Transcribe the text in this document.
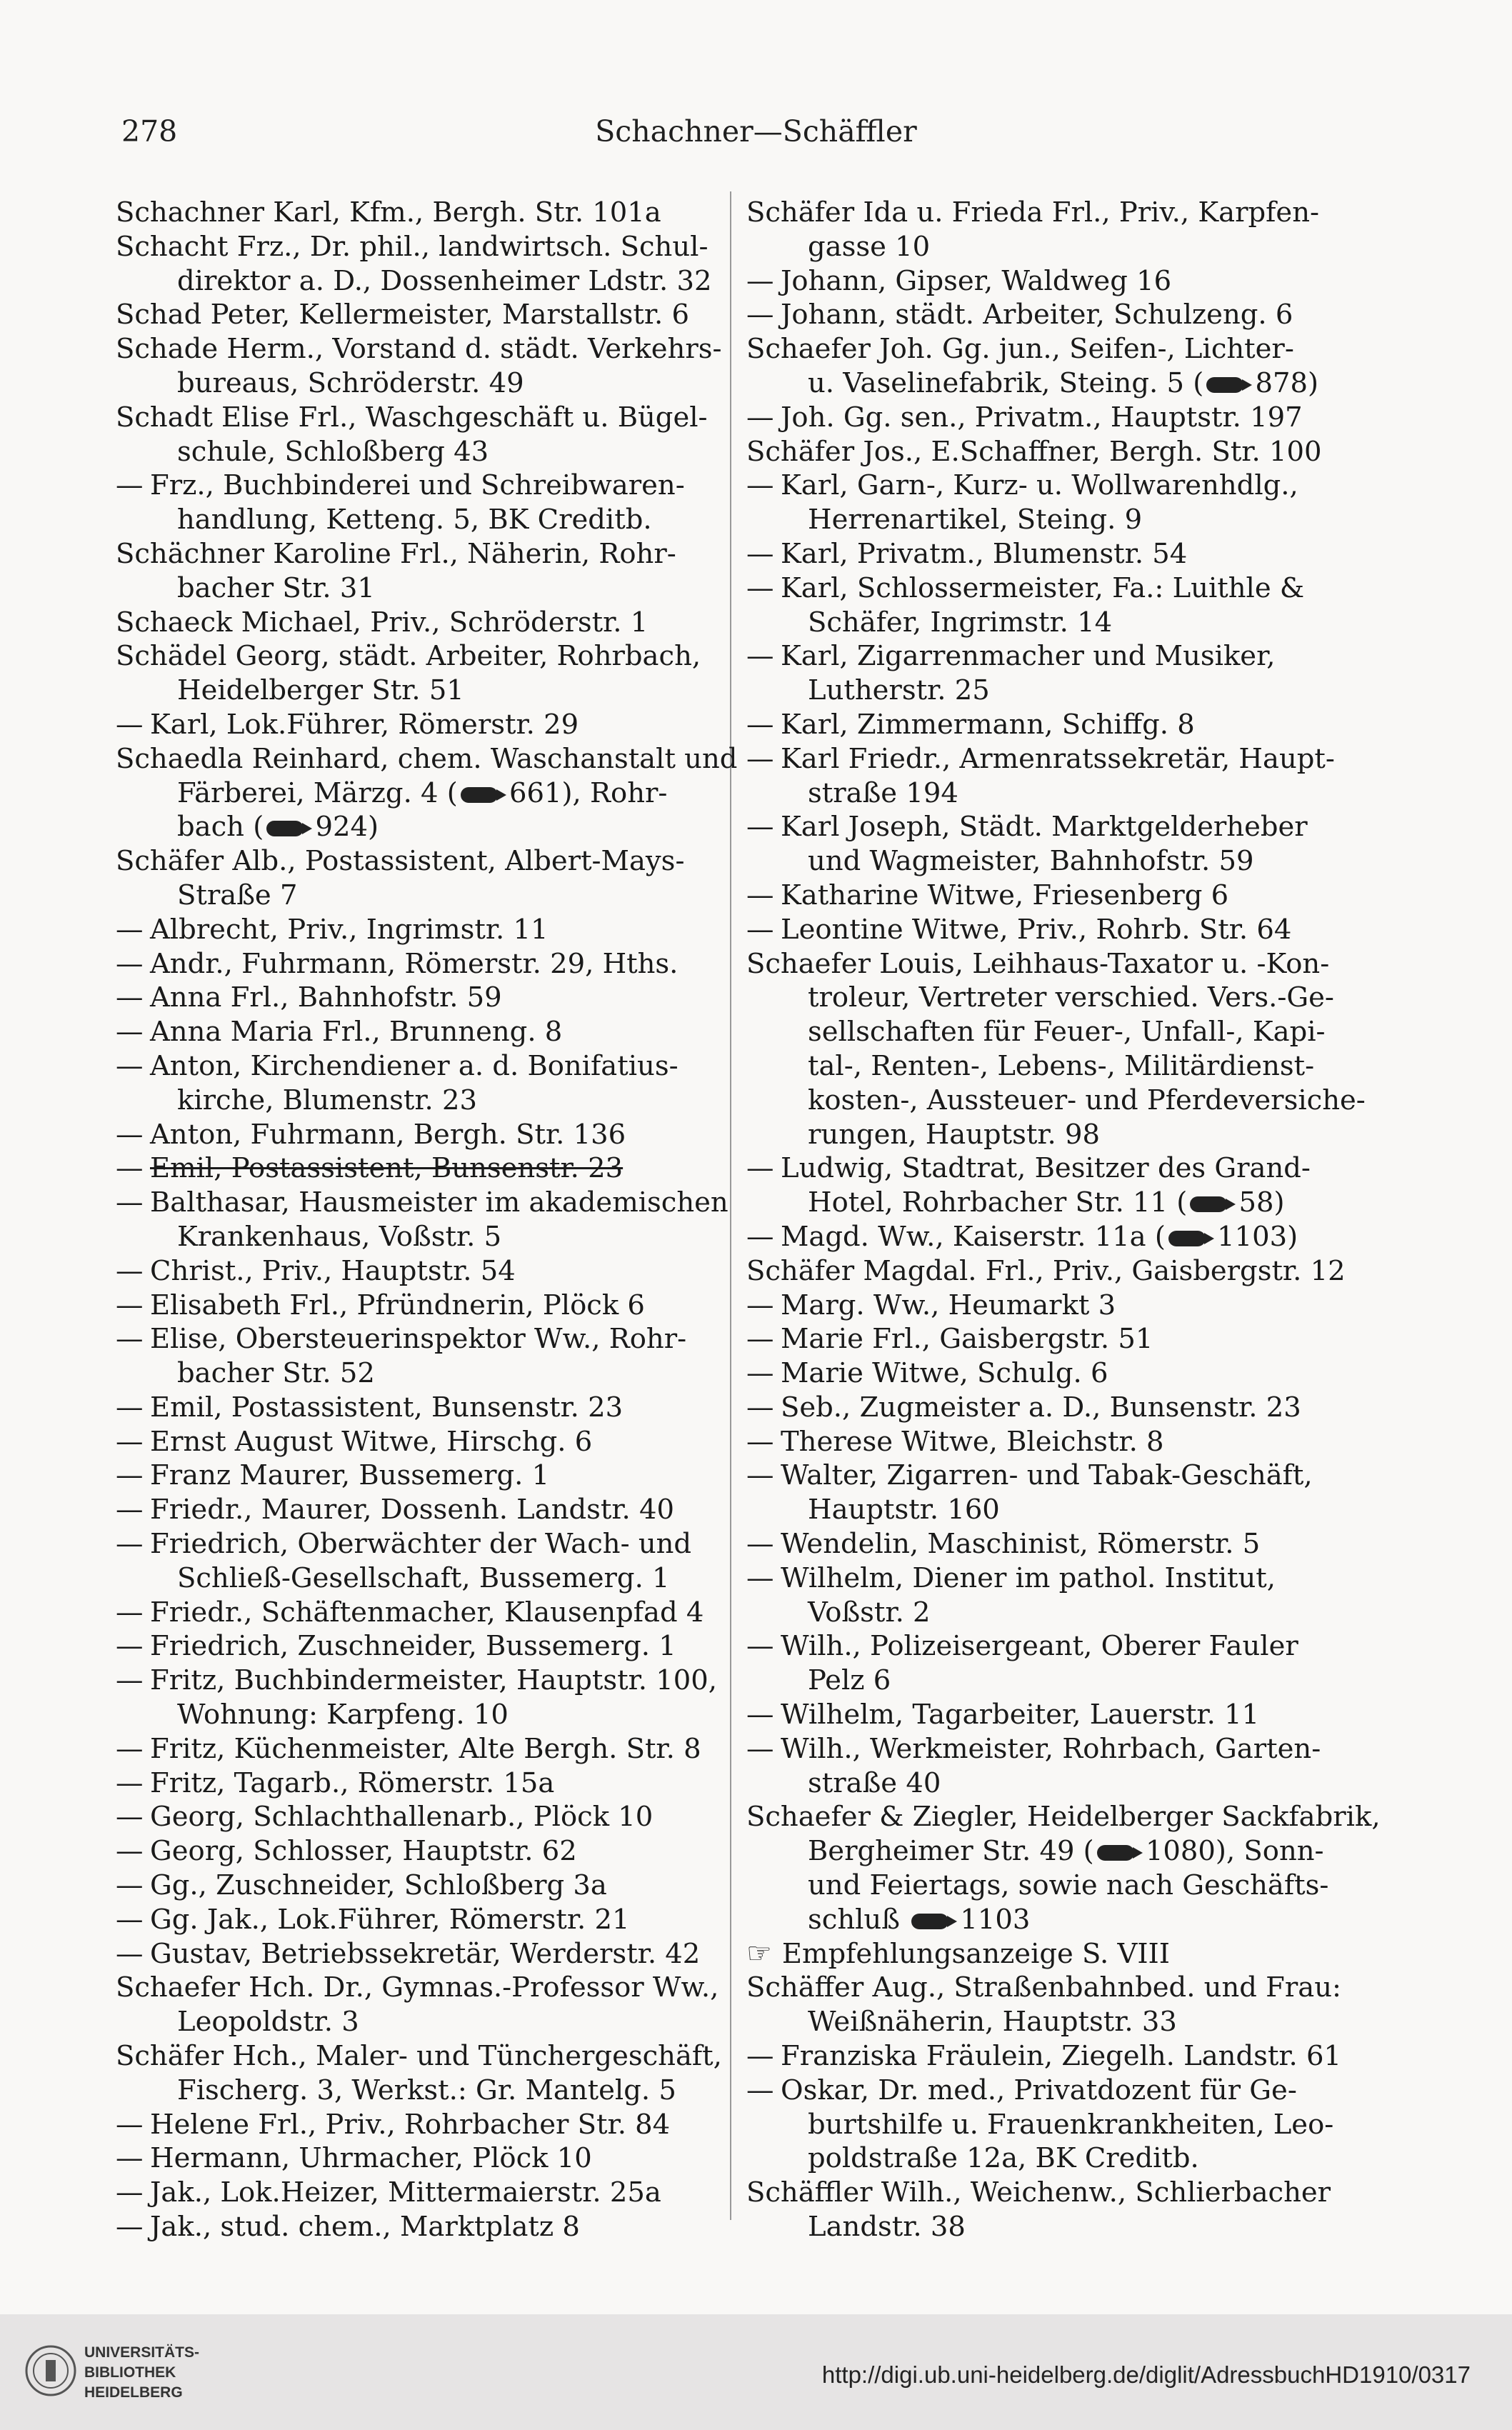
278	Schachner—Schäffler
Schachner Karl, Kfm., Bergh. Str. 101a
Schacht Frz., Dr. phil., landwirtsch. Schul-
direktor a. D., Dossenheimer Ldstr. 32
Schad Peter, Kellermeister, Marstallstr. 6
Schade Herm., Vorstand d. städt. Verkehrs-
bureaus, Schröderstr. 49
Schadt Elise Frl., Waschgeschäft u. Bügel-
schule, Schloßberg 43
— Frz., Buchbinderei und Schreibwaren-
handlung, Ketteng. 5, BK Creditb.
Schächner Karoline Frl., Näherin, Rohr-
bacher Str. 31
Schaeck Michael, Priv., Schröderstr. 1
Schädel Georg, städt. Arbeiter, Rohrbach,
Heidelberger Str. 51
— Karl, Lok.Führer, Römerstr. 29
Schaedla Reinhard, chem. Waschanstalt und
Färberei, Märzg. 4 ( 661), Rohr-
bach ( 924)
Schäfer Alb., Postassistent, Albert-Mays-
Straße 7
— Albrecht, Priv., Ingrimstr. 11
— Andr., Fuhrmann, Römerstr. 29, Hths.
— Anna Frl., Bahnhofstr. 59
— Anna Maria Frl., Brunneng. 8
— Anton, Kirchendiener a. d. Bonifatius-
kirche, Blumenstr. 23
— Anton, Fuhrmann, Bergh. Str. 136
— Emil, Postassistent, Bunsenstr. 23
— Balthasar, Hausmeister im akademischen
Krankenhaus, Voßstr. 5
— Christ., Priv., Hauptstr. 54
— Elisabeth Frl., Pfründnerin, Plöck 6
— Elise, Obersteuerinspektor Ww., Rohr-
bacher Str. 52
— Emil, Postassistent, Bunsenstr. 23
— Ernst August Witwe, Hirschg. 6
— Franz Maurer, Bussemerg. 1
— Friedr., Maurer, Dossenh. Landstr. 40
— Friedrich, Oberwächter der Wach- und
Schließ-Gesellschaft, Bussemerg. 1
— Friedr., Schäftenmacher, Klausenpfad 4
— Friedrich, Zuschneider, Bussemerg. 1
— Fritz, Buchbindermeister, Hauptstr. 100,
Wohnung: Karpfeng. 10
— Fritz, Küchenmeister, Alte Bergh. Str. 8
— Fritz, Tagarb., Römerstr. 15a
— Georg, Schlachthallenarb., Plöck 10
— Georg, Schlosser, Hauptstr. 62
— Gg., Zuschneider, Schloßberg 3a
— Gg. Jak., Lok.Führer, Römerstr. 21
— Gustav, Betriebssekretär, Werderstr. 42
Schaefer Hch. Dr., Gymnas.-Professor Ww.,
Leopoldstr. 3
Schäfer Hch., Maler- und Tünchergeschäft,
Fischerg. 3, Werkst.: Gr. Mantelg. 5
— Helene Frl., Priv., Rohrbacher Str. 84
— Hermann, Uhrmacher, Plöck 10
— Jak., Lok.Heizer, Mittermaierstr. 25a
— Jak., stud. chem., Marktplatz 8
Schäfer Ida u. Frieda Frl., Priv., Karpfen-
gasse 10
— Johann, Gipser, Waldweg 16
— Johann, städt. Arbeiter, Schulzeng. 6
Schaefer Joh. Gg. jun., Seifen-, Lichter-
u. Vaselinefabrik, Steing. 5 ( 878)
— Joh. Gg. sen., Privatm., Hauptstr. 197
Schäfer Jos., E.Schaffner, Bergh. Str. 100
— Karl, Garn-, Kurz- u. Wollwarenhdlg.,
Herrenartikel, Steing. 9
— Karl, Privatm., Blumenstr. 54
— Karl, Schlossermeister, Fa.: Luithle &
Schäfer, Ingrimstr. 14
— Karl, Zigarrenmacher und Musiker,
Lutherstr. 25
— Karl, Zimmermann, Schiffg. 8
— Karl Friedr., Armenratssekretär, Haupt-
straße 194
— Karl Joseph, Städt. Marktgelderheber
und Wagmeister, Bahnhofstr. 59
— Katharine Witwe, Friesenberg 6
— Leontine Witwe, Priv., Rohrb. Str. 64
Schaefer Louis, Leihhaus-Taxator u. -Kon-
troleur, Vertreter verschied. Vers.-Ge-
sellschaften für Feuer-, Unfall-, Kapi-
tal-, Renten-, Lebens-, Militärdienst-
kosten-, Aussteuer- und Pferdeversiche-
rungen, Hauptstr. 98
— Ludwig, Stadtrat, Besitzer des Grand-
Hotel, Rohrbacher Str. 11 ( 58)
— Magd. Ww., Kaiserstr. 11a ( 1103)
Schäfer Magdal. Frl., Priv., Gaisbergstr. 12
— Marg. Ww., Heumarkt 3
— Marie Frl., Gaisbergstr. 51
— Marie Witwe, Schulg. 6
— Seb., Zugmeister a. D., Bunsenstr. 23
— Therese Witwe, Bleichstr. 8
— Walter, Zigarren- und Tabak-Geschäft,
Hauptstr. 160
— Wendelin, Maschinist, Römerstr. 5
— Wilhelm, Diener im pathol. Institut,
Voßstr. 2
— Wilh., Polizeisergeant, Oberer Fauler
Pelz 6
— Wilhelm, Tagarbeiter, Lauerstr. 11
— Wilh., Werkmeister, Rohrbach, Garten-
straße 40
Schaefer & Ziegler, Heidelberger Sackfabrik,
Bergheimer Str. 49 ( 1080), Sonn-
und Feiertags, sowie nach Geschäfts-
schluß  1103
☞ Empfehlungsanzeige S. VIII
Schäffer Aug., Straßenbahnbed. und Frau:
Weißnäherin, Hauptstr. 33
— Franziska Fräulein, Ziegelh. Landstr. 61
— Oskar, Dr. med., Privatdozent für Ge-
burtshilfe u. Frauenkrankheiten, Leo-
poldstraße 12a, BK Creditb.
Schäffler Wilh., Weichenw., Schlierbacher
Landstr. 38
UNIVERSITÄTS-
BIBLIOTHEK
HEIDELBERG
http://digi.ub.uni-heidelberg.de/diglit/AdressbuchHD1910/0317
